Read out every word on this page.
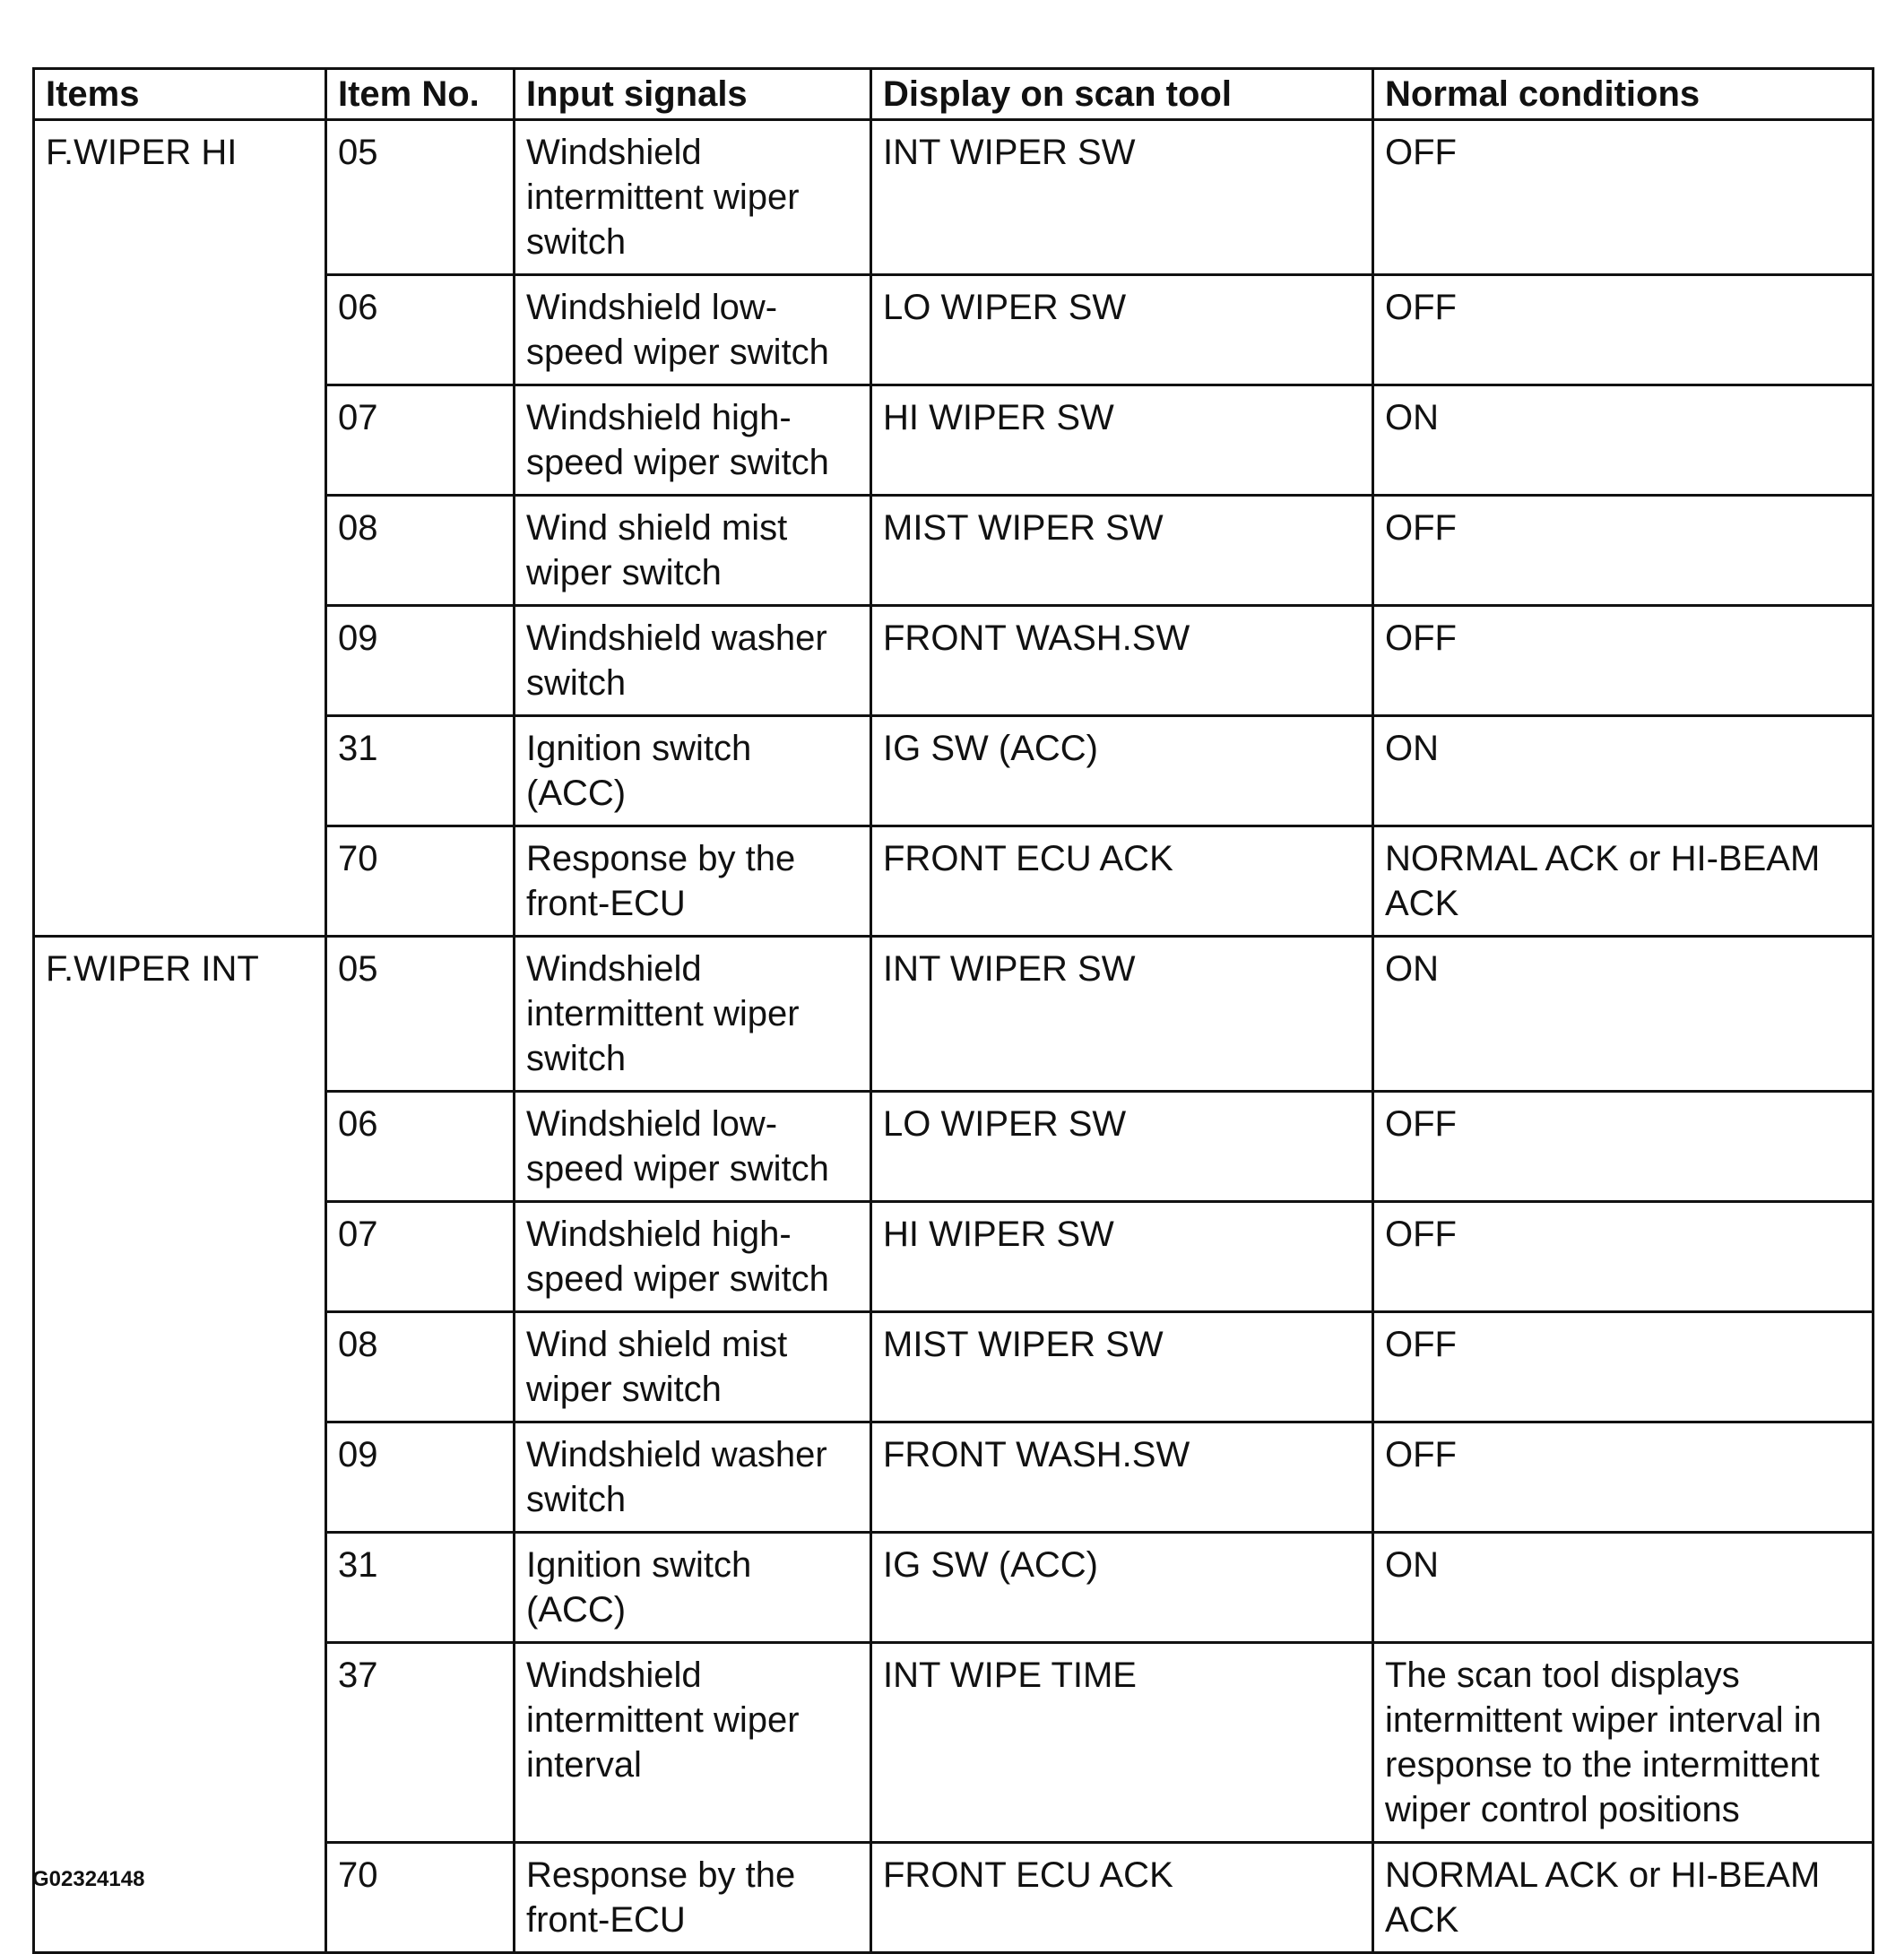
Items	Item No.	Input signals	Display on scan tool	Normal conditions
F.WIPER HI	05	Windshield intermittent wiper switch	INT WIPER SW	OFF
	06	Windshield low-speed wiper switch	LO WIPER SW	OFF
	07	Windshield high-speed wiper switch	HI WIPER SW	ON
	08	Wind shield mist wiper switch	MIST WIPER SW	OFF
	09	Windshield washer switch	FRONT WASH.SW	OFF
	31	Ignition switch (ACC)	IG SW (ACC)	ON
	70	Response by the front-ECU	FRONT ECU ACK	NORMAL ACK or HI-BEAM ACK
F.WIPER INT	05	Windshield intermittent wiper switch	INT WIPER SW	ON
	06	Windshield low-speed wiper switch	LO WIPER SW	OFF
	07	Windshield high-speed wiper switch	HI WIPER SW	OFF
	08	Wind shield mist wiper switch	MIST WIPER SW	OFF
	09	Windshield washer switch	FRONT WASH.SW	OFF
	31	Ignition switch (ACC)	IG SW (ACC)	ON
	37	Windshield intermittent wiper interval	INT WIPE TIME	The scan tool displays intermittent wiper interval in response to the intermittent wiper control positions
	70	Response by the front-ECU	FRONT ECU ACK	NORMAL ACK or HI-BEAM ACK
G02324148
